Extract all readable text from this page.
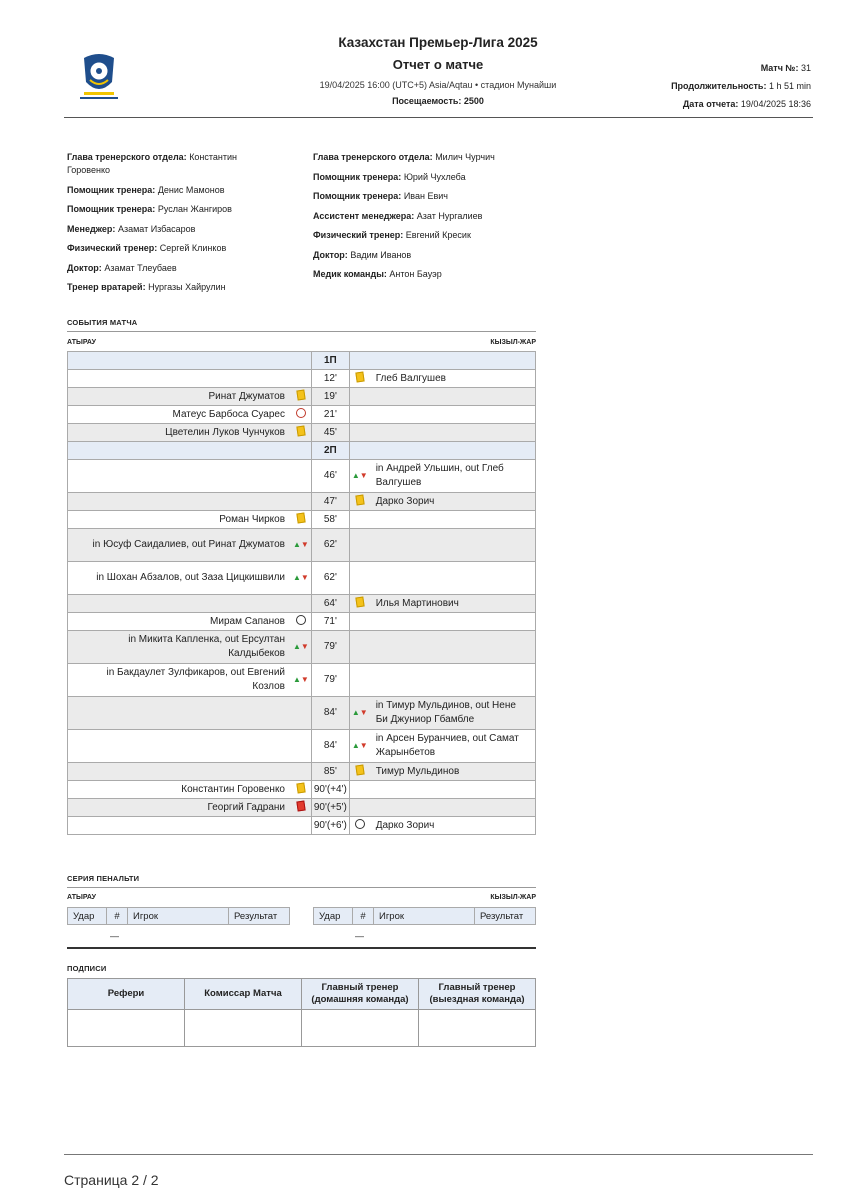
Казахстан Премьер-Лига 2025
Отчет о матче
19/04/2025 16:00 (UTC+5) Asia/Aqtau • стадион Мунайши
Посещаемость: 2500
Матч №: 31
Продолжительность: 1 h 51 min
Дата отчета: 19/04/2025 18:36
Глава тренерского отдела: Константин Горовенко
Помощник тренера: Денис Мамонов
Помощник тренера: Руслан Жангиров
Менеджер: Азамат Избасаров
Физический тренер: Сергей Клинков
Доктор: Азамат Тлеубаев
Тренер вратарей: Нургазы Хайрулин
Глава тренерского отдела: Милич Чурчич
Помощник тренера: Юрий Чухлеба
Помощник тренера: Иван Евич
Ассистент менеджера: Азат Нургалиев
Физический тренер: Евгений Кресик
Доктор: Вадим Иванов
Медик команды: Антон Бауэр
СОБЫТИЯ МАТЧА
АТЫРАУ	КЫЗЫЛ-ЖАР
		1П		
		12'		Глеб Валгушев
Ринат Джуматов		19'		
Матеус Барбоса Суарес		21'		
Цветелин Луков Чунчуков		45'		
		2П		
		46'	▲▼	in Андрей Ульшин, out Глеб Валгушев
		47'		Дарко Зорич
Роман Чирков		58'		
in Юсуф Саидалиев, out Ринат Джуматов	▲▼	62'		
in Шохан Абзалов, out Заза Цицкишвили	▲▼	62'		
		64'		Илья Мартинович
Мирам Сапанов		71'		
in Микита Капленка, out Ерсултан Калдыбеков	▲▼	79'		
in Бакдаулет Зулфикаров, out Евгений Козлов	▲▼	79'		
		84'	▲▼	in Тимур Мульдинов, out Нене Би Джуниор Гбамбле
		84'	▲▼	in Арсен Буранчиев, out Самат Жарынбетов
		85'		Тимур Мульдинов
Константин Горовенко		90'(+4')		
Георгий Гадрани		90'(+5')		
		90'(+6')		Дарко Зорич
СЕРИЯ ПЕНАЛЬТИ
АТЫРАУ	КЫЗЫЛ-ЖАР
Удар	#	Игрок	Результат
—
Удар	#	Игрок	Результат
—
ПОДПИСИ
Рефери	Комиссар Матча	Главный тренер (домашняя команда)	Главный тренер (выездная команда)

Страница 2 / 2
